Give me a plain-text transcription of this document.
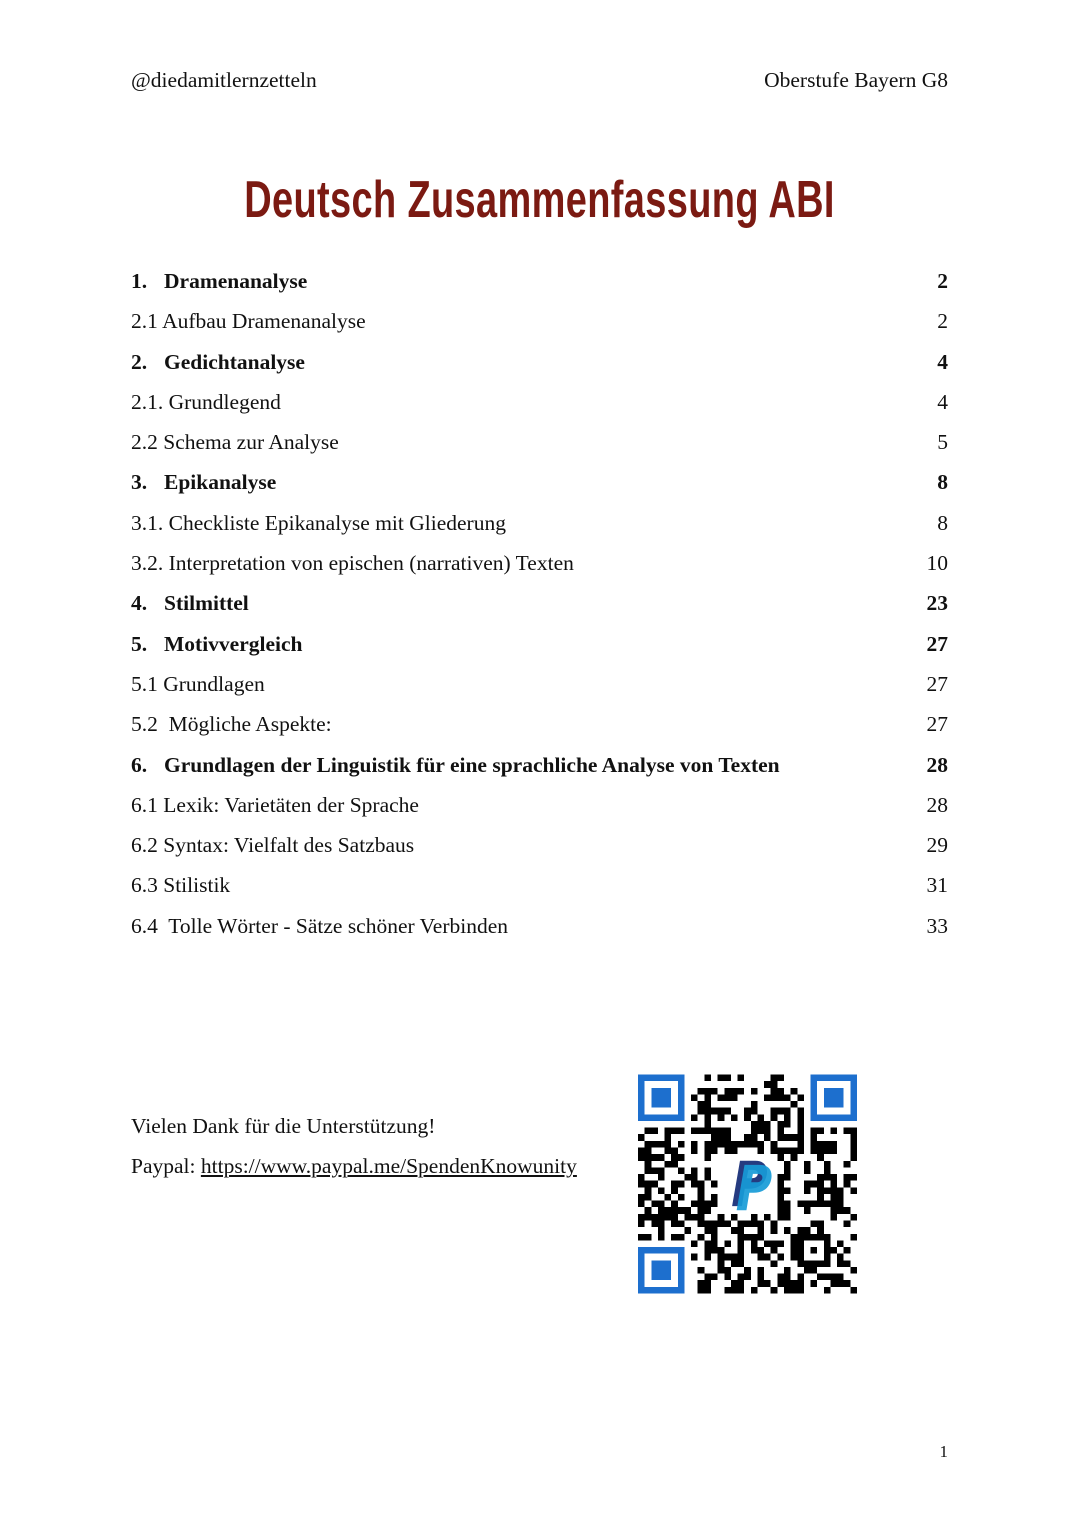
@diedamitlernzetteln	Oberstufe Bayern G8
Deutsch Zusammenfassung ABI
1. Dramenanalyse	2
2.1 Aufbau Dramenanalyse	2
2. Gedichtanalyse	4
2.1. Grundlegend	4
2.2 Schema zur Analyse	5
3. Epikanalyse	8
3.1. Checkliste Epikanalyse mit Gliederung	8
3.2. Interpretation von epischen (narrativen) Texten	10
4. Stilmittel	23
5. Motivvergleich	27
5.1 Grundlagen	27
5.2  Mögliche Aspekte:	27
6. Grundlagen der Linguistik für eine sprachliche Analyse von Texten	28
6.1 Lexik: Varietäten der Sprache	28
6.2 Syntax: Vielfalt des Satzbaus	29
6.3 Stilistik	31
6.4  Tolle Wörter - Sätze schöner Verbinden	33
Vielen Dank für die Unterstützung!
Paypal: https://www.paypal.me/SpendenKnowunity
1
